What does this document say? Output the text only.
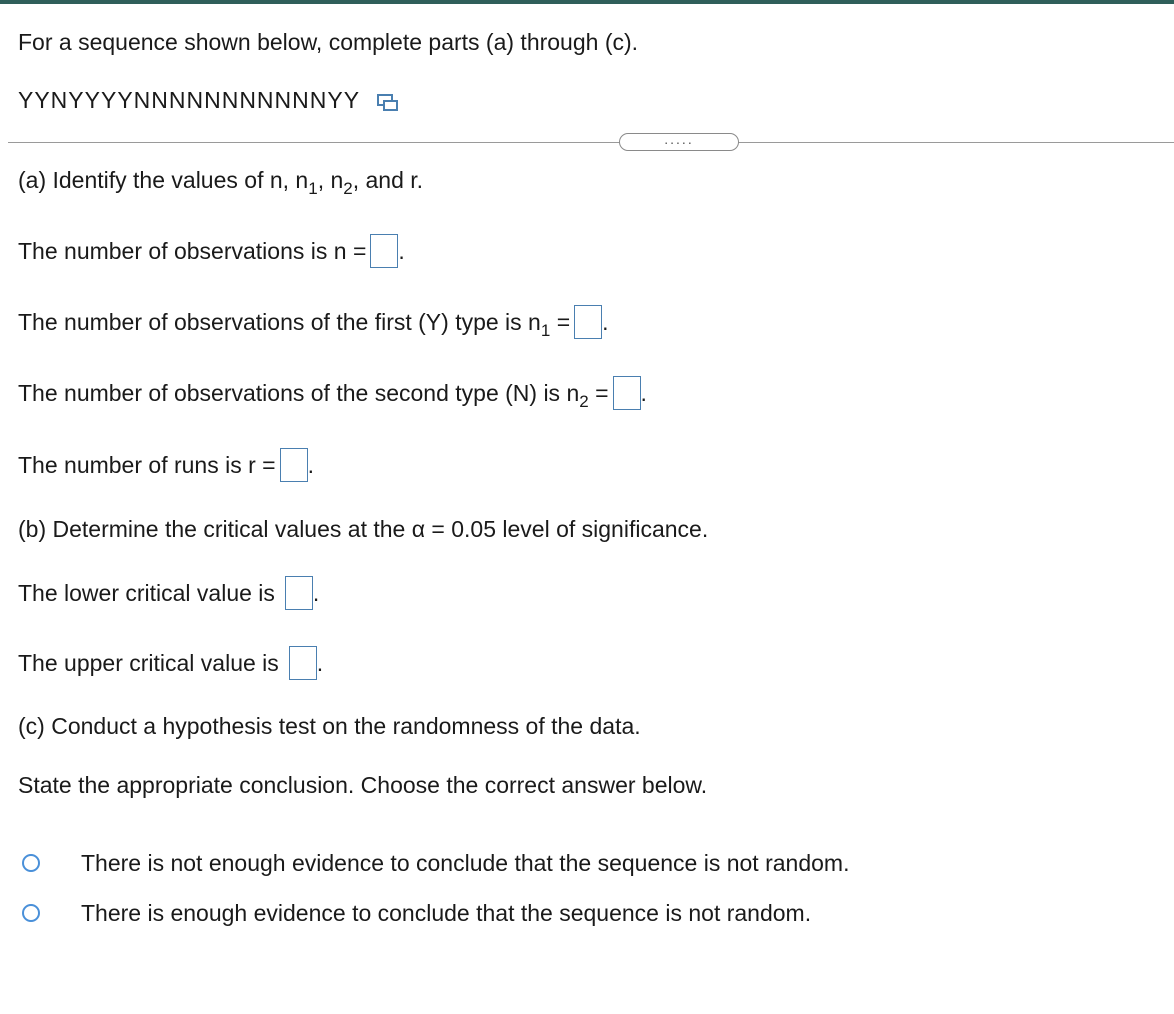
For a sequence shown below, complete parts (a) through (c).
YYNYYYYNNNNNNNNNNNYY
.....
(a) Identify the values of n, $n_1$, $n_2$, and r.
The number of observations is n = .
The number of observations of the first (Y) type is $n_1$ = .
The number of observations of the second type (N) is $n_2$ = .
The number of runs is r = .
(b) Determine the critical values at the α = 0.05 level of significance.
The lower critical value is .
The upper critical value is .
(c) Conduct a hypothesis test on the randomness of the data.
State the appropriate conclusion. Choose the correct answer below.
There is not enough evidence to conclude that the sequence is not random.
There is enough evidence to conclude that the sequence is not random.
